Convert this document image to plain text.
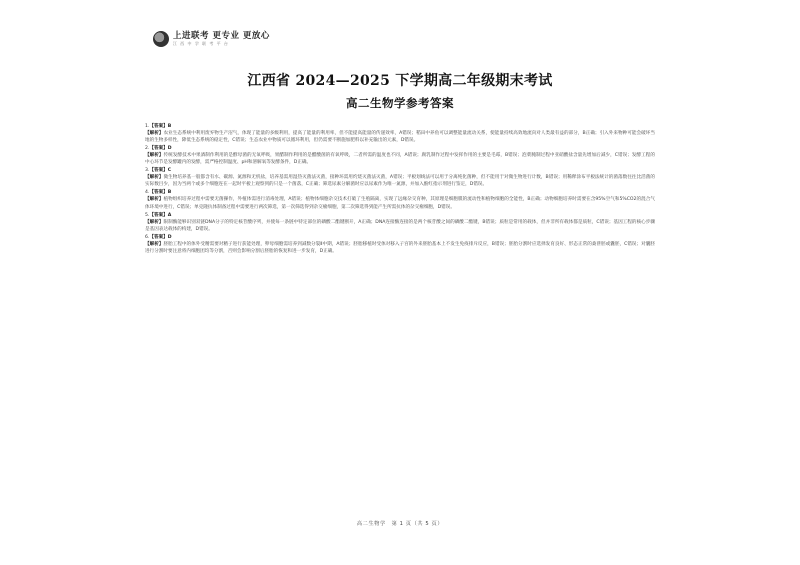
上进联考 更专业 更放心
江 西 中 学 联 考 平 台
江西省 2024—2025 下学期高二年级期末考试
高二生物学参考答案
1.【答案】B
【解析】农业生态系统中利用废弃物生产沼气，体现了能量的多级利用，提高了能量的利用率，但不能提高能量的传递效率，A错误；稻田中养鱼可以调整能量流动关系，使能量持续高效地流向对人类最有益的部分，B正确；引入外来物种可能会破坏当地的生物多样性，降低生态系统的稳定性，C错误；生态农业中物质可以循环利用，但仍需要不断施加肥料以补充输出的元素，D错误。
2.【答案】D
【解析】传统发酵技术中果酒制作利用的是酵母菌的无氧呼吸，果醋制作利用的是醋酸菌的有氧呼吸，二者所需的温度也不同，A错误；腐乳制作过程中发挥作用的主要是毛霉，B错误；泡菜腌制过程中亚硝酸盐含量先增加后减少，C错误；发酵工程的中心环节是发酵罐内的发酵，需严格控制温度、pH和溶解氧等发酵条件，D正确。
3.【答案】C
【解析】微生物培养基一般都含有水、碳源、氮源和无机盐，培养基需用湿热灭菌法灭菌，接种环需用灼烧灭菌法灭菌，A错误；平板划线法可以用于分离纯化菌种，但不能用于对微生物进行计数，B错误；用稀释涂布平板法统计的菌落数往往比活菌的实际数目少，因为当两个或多个细胞连在一起时平板上观察到的只是一个菌落，C正确；筛选尿素分解菌时应以尿素作为唯一氮源，并加入酚红指示剂进行鉴定，D错误。
4.【答案】B
【解析】植物组织培养过程中需要无菌操作，外植体需进行消毒处理，A错误；植物体细胞杂交技术打破了生殖隔离，实现了远缘杂交育种，其原理是细胞膜的流动性和植物细胞的全能性，B正确；动物细胞培养时需要在含95%空气和5%CO2的混合气体环境中进行，C错误；单克隆抗体制备过程中需要进行两次筛选，第一次筛选得到杂交瘤细胞，第二次筛选得到能产生所需抗体的杂交瘤细胞，D错误。
5.【答案】A
【解析】限制酶能够识别双链DNA分子的特定核苷酸序列，并使每一条链中特定部位的磷酸二酯键断开，A正确；DNA连接酶连接的是两个核苷酸之间的磷酸二酯键，B错误；质粒是常用的载体，但并非所有载体都是质粒，C错误；基因工程的核心步骤是基因表达载体的构建，D错误。
6.【答案】D
【解析】胚胎工程中的体外受精需要对精子进行获能处理，卵母细胞需培养到减数分裂Ⅱ中期，A错误；胚胎移植时受体对移入子宫的外来胚胎基本上不发生免疫排斥反应，B错误；胚胎分割时应选择发育良好、形态正常的桑葚胚或囊胚，C错误；对囊胚进行分割时要注意将内细胞团均等分割，否则会影响分割后胚胎的恢复和进一步发育，D正确。
高二生物学　第 1 页（共 5 页）
